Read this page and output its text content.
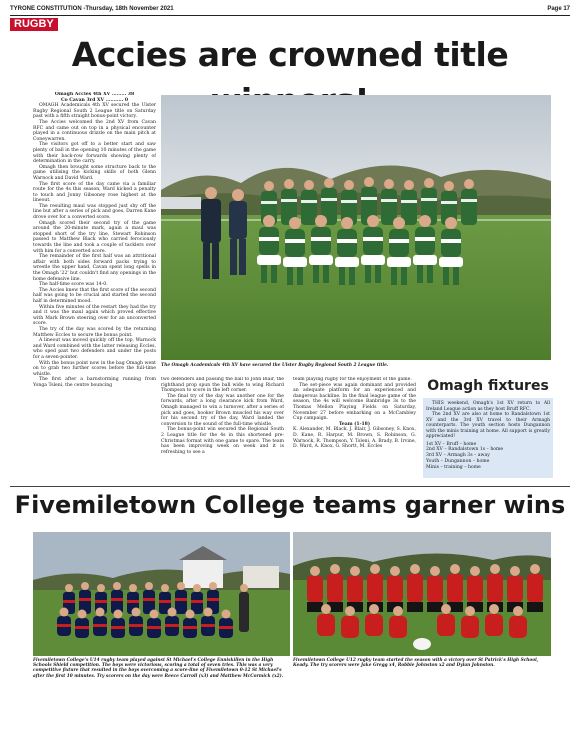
TYRONE CONSTITUTION -Thursday, 18th November 2021	Page 17
RUGBY
Accies are crowned title

Omagh Accies 4th XV ......... 38

Co Cavan 3rd XV ........... 0

OMAGH Academicals 4th XV secured the Ulster Rugby Regional South 2 League title on Saturday past with a fifth straight bonus-point victory.

The Accies welcomed the 2nd XV from Cavan RFC and came out on top in a physical encounter played in a continuous drizzle on the main pitch at Coneywarren.

The visitors got off to a better start and saw plenty of ball in the opening 10 minutes of the game with their back-row forwards showing plenty of determination in the carry.

Omagh then brought some structure back to the game utilising the kicking skills of both Glenn Warnock and David Ward.

The first score of the day came via a familiar route for the 4s this season, Ward kicked a penalty to touch and Jonny Gibsoney rose highest at the lineout.

The resulting maul was stopped just shy off the line but after a series of pick and goes, Darren Kane drove over for a converted score.

Omagh scored their second try of the game around the 20-minute mark, again a maul was stopped short of the try line, Stewart Robinson passed to Matthew Black who carried ferociously towards the line and took a couple of tacklers over with him for a converted score.

The remainder of the first half was an attritional affair with both sides forward packs trying to wrestle the upper hand, Cavan spent long spells in the Omagh '22' but couldn't find any openings in the home defensive line.

The half-time score was 14-0.

The Accies knew that the first score of the second half was going to be crucial and started the second half in determined mood.

Within five minutes of the restart they had the try and it was the maul again which proved effective with Mark Brown steering over for an unconverted score.

The try of the day was scored by the returning Matthew Eccles to secure the bonus point.

A lineout was moved quickly off the top, Warnock and Ward combined with the latter releasing Eccles, who sped past two defenders and under the posts for a seven-pointer.

With the bonus point now in the bag Omagh went on to grab two further scores before the full-time whistle.

The first after a barnstorming running from Yonga Tsleni, the centre bouncing

The Omagh Academicals 4th XV have secured the Ulster Rugby Regional South 2 League title.

two defenders and passing the ball to John Blair, the righthand prop spun the ball wide to wing Richard Thompson to score in the left corner.

The final try of the day was another one for the forwards, after a long clearance kick from Ward, Omagh managed to win a turnover, after a series of pick and goes, hooker Brown muscled his way over for his second try of the day, Ward landed the conversion to the sound of the full-time whistle.

The bonus-point win secured the Regional South 2 League title for the 4s in this shortened pre-Christmas format with one game to spare. The team has been improving week on week and it is refreshing to see a

team playing rugby for the enjoyment of the game.

The set-piece was again dominant and provided an adequate platform for an experienced and dangerous backline. In the final league game of the season, the 4s will welcome Banbridge 3s to the Thomas Mellon Playing Fields on Saturday, November 27 before embarking on a McCambley Cup campaign.

Team (1-18)

K. Alexander, M. Black, J. Blair, J. Gibsoney, S. Knox, D. Kane, R. Harpur, M. Brown, S. Robinson, G. Warnock, R. Thompson, Y. Tsleni, A. Brady, B. Irvine, D. Ward, A. Knox, G. Shortt, M. Eccles

Omagh fixtures

THIS weekend, Omagh's 1st XV return to All Ireland League action as they host Bruff RFC.

The 2nd XV are also at home to Randalstown 1st XV and the 3rd XV travel to their Armagh counterparts. The youth section hosts Dungannon with the minis training at home. All support is greatly appreciated!

1st XV – Bruff – home
2nd XV – Randalstown 1s – home
3rd XV – Armagh 3s – away
Youth – Dungannon – home
Minis – training – home
Fivemiletown College teams garner wins
Fivemiletown College's U14 rugby team played against St Michael's College Enniskillen in the High Schools Shield competition. The boys were victorious, scoring a total of seven tries. This was a very competitive fixture that resulted in the boys overcoming a score-line of Fivemiletown 0-12 St Michael's after the first 10 minutes. Try scorers on the day were Reece Carroll (x3) and Matthew McCormick (x2).
Fivemiletown College U12 rugby team started the season with a victory over St Patrick's High School, Keady. The try scorers were Jake Gregg x4, Robbie Johnston x2 and Dylan Johnston.
